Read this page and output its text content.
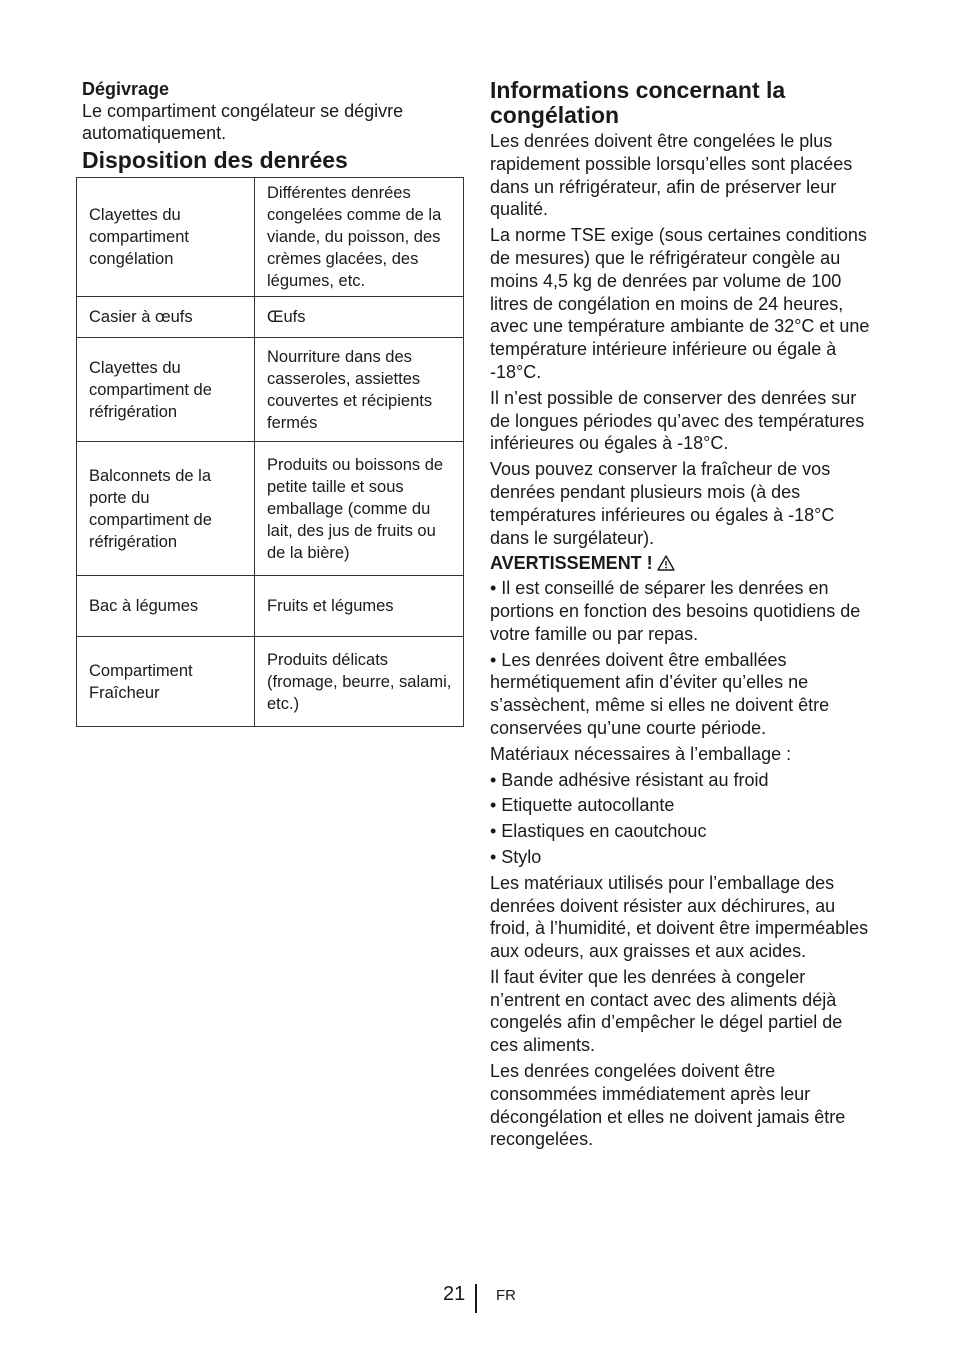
Dégivrage

Le compartiment congélateur se dégivre automatiquement.

Disposition des denrées

Clayettes du compartiment congélation	Différentes denrées congelées comme de la viande, du poisson, des crèmes glacées, des légumes, etc.
Casier à œufs	Œufs
Clayettes du compartiment de réfrigération	Nourriture dans des casseroles, assiettes couvertes et récipients fermés
Balconnets de la porte du compartiment de réfrigération	Produits ou boissons de petite taille et sous emballage (comme du lait, des jus de fruits ou de la bière)
Bac à légumes	Fruits et légumes
Compartiment Fraîcheur	Produits délicats (fromage, beurre, salami, etc.)

Informations concernant la congélation

Les denrées doivent être congelées le plus rapidement possible lorsqu’elles sont placées dans un réfrigérateur, afin de préserver leur qualité.

La norme TSE exige (sous certaines conditions de mesures) que le réfrigérateur congèle au moins 4,5 kg de denrées par volume de 100 litres de congélation en moins de 24 heures, avec une température ambiante de 32°C et une température intérieure inférieure ou égale à -18°C.

Il n’est possible de conserver des denrées sur de longues périodes qu’avec des températures inférieures ou égales à -18°C.

Vous pouvez conserver la fraîcheur de vos denrées pendant plusieurs mois (à des températures inférieures ou égales à -18°C dans le surgélateur).

AVERTISSEMENT !

• Il est conseillé de séparer les denrées en portions en fonction des besoins quotidiens de votre famille ou par repas.

• Les denrées doivent être emballées hermétiquement afin d’éviter qu’elles ne s’assèchent, même si elles ne doivent être conservées qu’une courte période.

Matériaux nécessaires à l’emballage :

• Bande adhésive résistant au froid

• Etiquette autocollante

• Elastiques en caoutchouc

• Stylo

Les matériaux utilisés pour l’emballage des denrées doivent résister aux déchirures, au froid, à l’humidité, et doivent être imperméables aux odeurs, aux graisses et aux acides.

Il faut éviter que les denrées à congeler n’entrent en contact avec des aliments déjà congelés afin d’empêcher le dégel partiel de ces aliments.

Les denrées congelées doivent être consommées immédiatement après leur décongélation et elles ne doivent jamais être recongelées.

21 FR
